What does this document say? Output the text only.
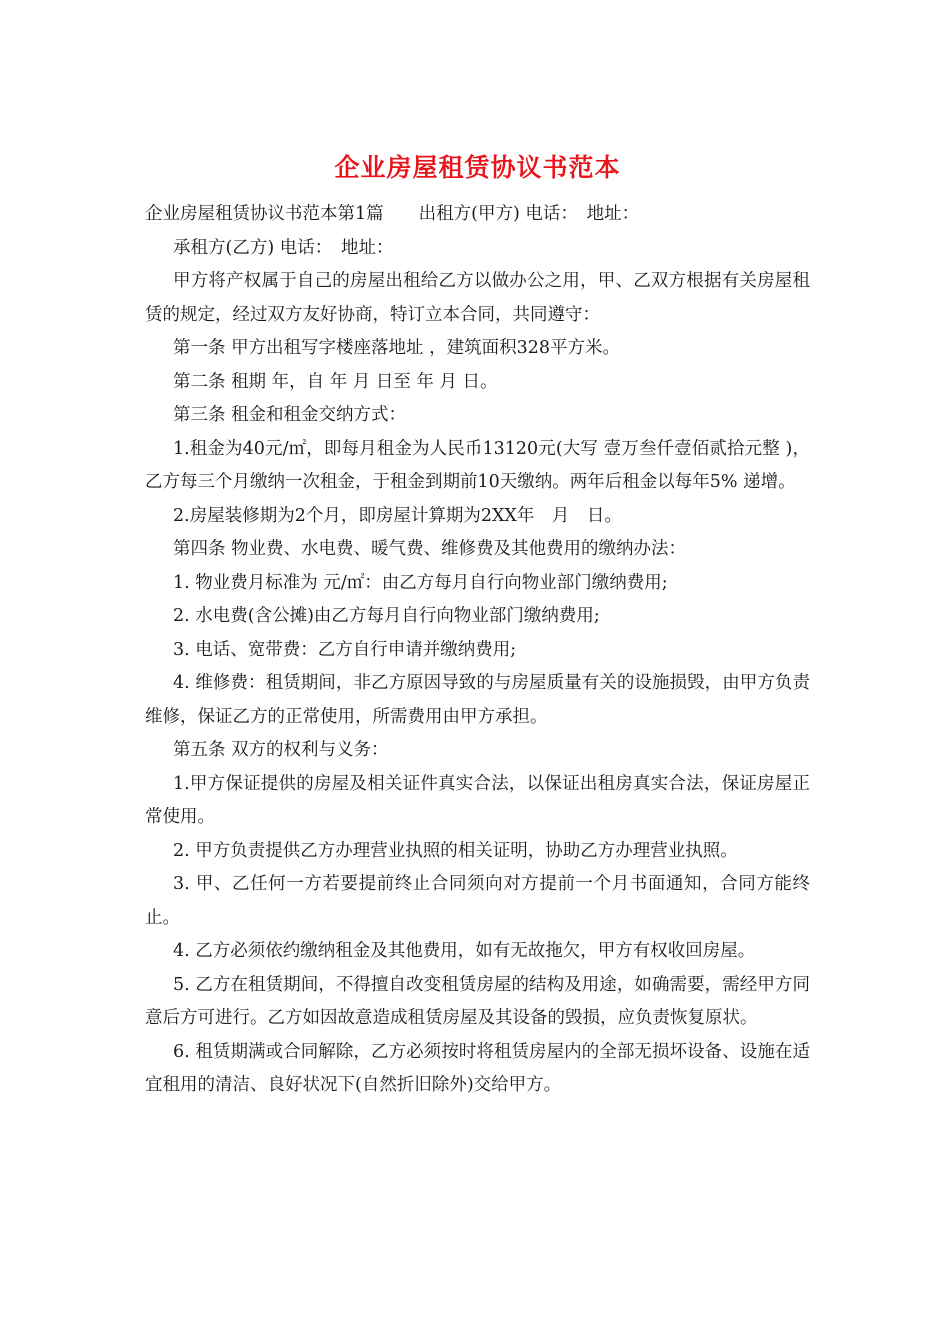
企业房屋租赁协议书范本

企业房屋租赁协议书范本第1篇　　出租方(甲方) 电话：　地址：

承租方(乙方) 电话：　地址：

甲方将产权属于自己的房屋出租给乙方以做办公之用，甲、乙双方根据有关房屋租赁的规定，经过双方友好协商，特订立本合同，共同遵守：

第一条 甲方出租写字楼座落地址 ，建筑面积328平方米。

第二条 租期 年，自 年 月 日至 年 月 日。

第三条 租金和租金交纳方式：

1.租金为40元/㎡，即每月租金为人民币13120元(大写 壹万叁仟壹佰贰拾元整 )，乙方每三个月缴纳一次租金，于租金到期前10天缴纳。两年后租金以每年5% 递增。

2.房屋装修期为2个月，即房屋计算期为2XX年　月　日。

第四条 物业费、水电费、暖气费、维修费及其他费用的缴纳办法：

1. 物业费月标准为 元/㎡：由乙方每月自行向物业部门缴纳费用;

2. 水电费(含公摊)由乙方每月自行向物业部门缴纳费用;

3. 电话、宽带费：乙方自行申请并缴纳费用;

4. 维修费：租赁期间，非乙方原因导致的与房屋质量有关的设施损毁，由甲方负责维修，保证乙方的正常使用，所需费用由甲方承担。

第五条 双方的权利与义务：

1.甲方保证提供的房屋及相关证件真实合法，以保证出租房真实合法，保证房屋正常使用。

2. 甲方负责提供乙方办理营业执照的相关证明，协助乙方办理营业执照。

3. 甲、乙任何一方若要提前终止合同须向对方提前一个月书面通知，合同方能终止。

4. 乙方必须依约缴纳租金及其他费用，如有无故拖欠，甲方有权收回房屋。

5. 乙方在租赁期间，不得擅自改变租赁房屋的结构及用途，如确需要，需经甲方同意后方可进行。乙方如因故意造成租赁房屋及其设备的毁损，应负责恢复原状。

6. 租赁期满或合同解除，乙方必须按时将租赁房屋内的全部无损坏设备、设施在适宜租用的清洁、良好状况下(自然折旧除外)交给甲方。
